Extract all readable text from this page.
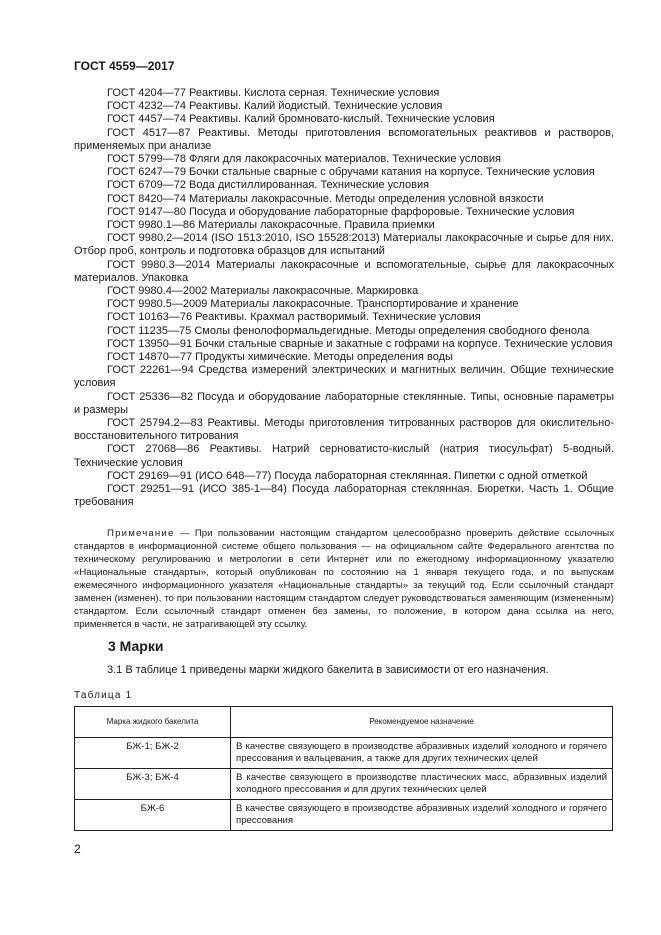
ГОСТ 4559—2017

ГОСТ 4204—77 Реактивы. Кислота серная. Технические условия

ГОСТ 4232—74 Реактивы. Калий йодистый. Технические условия

ГОСТ 4457—74 Реактивы. Калий бромновато-кислый. Технические условия

ГОСТ 4517—87 Реактивы. Методы приготовления вспомогательных реактивов и растворов, применяемых при анализе

ГОСТ 5799—78 Фляги для лакокрасочных материалов. Технические условия

ГОСТ 6247—79 Бочки стальные сварные с обручами катания на корпусе. Технические условия

ГОСТ 6709—72 Вода дистиллированная. Технические условия

ГОСТ 8420—74 Материалы лакокрасочные. Методы определения условной вязкости

ГОСТ 9147—80 Посуда и оборудование лабораторные фарфоровые. Технические условия

ГОСТ 9980.1—86 Материалы лакокрасочные. Правила приемки

ГОСТ 9980.2—2014 (ISO 1513:2010, ISO 15528:2013) Материалы лакокрасочные и сырье для них. Отбор проб, контроль и подготовка образцов для испытаний

ГОСТ 9980.3—2014 Материалы лакокрасочные и вспомогательные, сырье для лакокрасочных материалов. Упаковка

ГОСТ 9980.4—2002 Материалы лакокрасочные. Маркировка

ГОСТ 9980.5—2009 Материалы лакокрасочные. Транспортирование и хранение

ГОСТ 10163—76 Реактивы. Крахмал растворимый. Технические условия

ГОСТ 11235—75 Смолы фенолоформальдегидные. Методы определения свободного фенола

ГОСТ 13950—91 Бочки стальные сварные и закатные с гофрами на корпусе. Технические условия

ГОСТ 14870—77 Продукты химические. Методы определения воды

ГОСТ 22261—94 Средства измерений электрических и магнитных величин. Общие технические условия

ГОСТ 25336—82 Посуда и оборудование лабораторные стеклянные. Типы, основные параметры и размеры

ГОСТ 25794.2—83 Реактивы. Методы приготовления титрованных растворов для окислительно-восстановительного титрования

ГОСТ 27068—86 Реактивы. Натрий серноватисто-кислый (натрия тиосульфат) 5-водный. Технические условия

ГОСТ 29169—91 (ИСО 648—77) Посуда лабораторная стеклянная. Пипетки с одной отметкой

ГОСТ 29251—91 (ИСО 385-1—84) Посуда лабораторная стеклянная. Бюретки. Часть 1. Общие требования

Примечание — При пользовании настоящим стандартом целесообразно проверить действие ссылочных стандартов в информационной системе общего пользования — на официальном сайте Федерального агентства по техническому регулированию и метрологии в сети Интернет или по ежегодному информационному указателю «Национальные стандарты», который опубликован по состоянию на 1 января текущего года, и по выпускам ежемесячного информационного указателя «Национальные стандарты» за текущий год. Если ссылочный стандарт заменен (изменен), то при пользовании настоящим стандартом следует руководствоваться заменяющим (измененным) стандартом. Если ссылочный стандарт отменен без замены, то положение, в котором дана ссылка на него, применяется в части, не затрагивающей эту ссылку.

3 Марки
3.1 В таблице 1 приведены марки жидкого бакелита в зависимости от его назначения.
Таблица 1
Марка жидкого бакелита	Рекомендуемое назначение
БЖ-1; БЖ-2	В качестве связующего в производстве абразивных изделий холодного и горячего прессования и вальцевания, а также для других технических целей
БЖ-3; БЖ-4	В качестве связующего в производстве пластических масс, абразивных изделий холодного прессования и для других технических целей
БЖ-6	В качестве связующего в производстве абразивных изделий холодного и горячего прессования
2
